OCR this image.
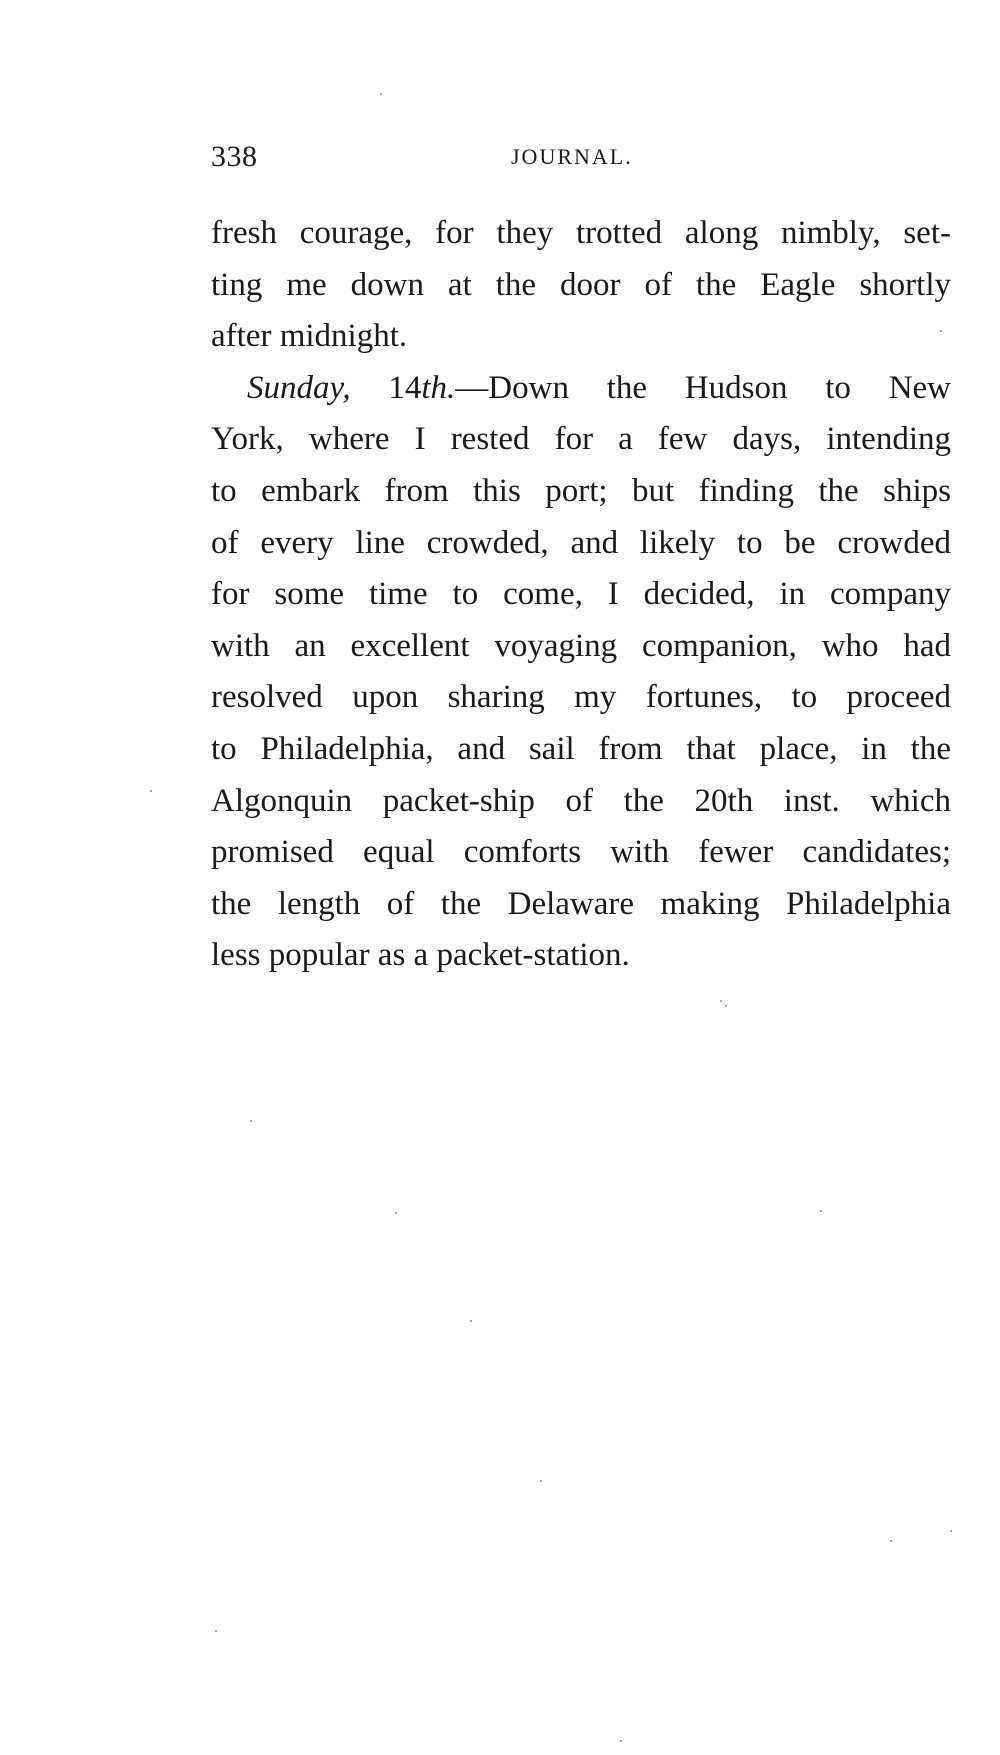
338	JOURNAL.
fresh courage, for they trotted along nimbly, set-
ting me down at the door of the Eagle shortly
after midnight.
Sunday, 14th.—Down the Hudson to New
York, where I rested for a few days, intending
to embark from this port; but finding the ships
of every line crowded, and likely to be crowded
for some time to come, I decided, in company
with an excellent voyaging companion, who had
resolved upon sharing my fortunes, to proceed
to Philadelphia, and sail from that place, in the
Algonquin packet-ship of the 20th inst. which
promised equal comforts with fewer candidates;
the length of the Delaware making Philadelphia
less popular as a packet-station.
